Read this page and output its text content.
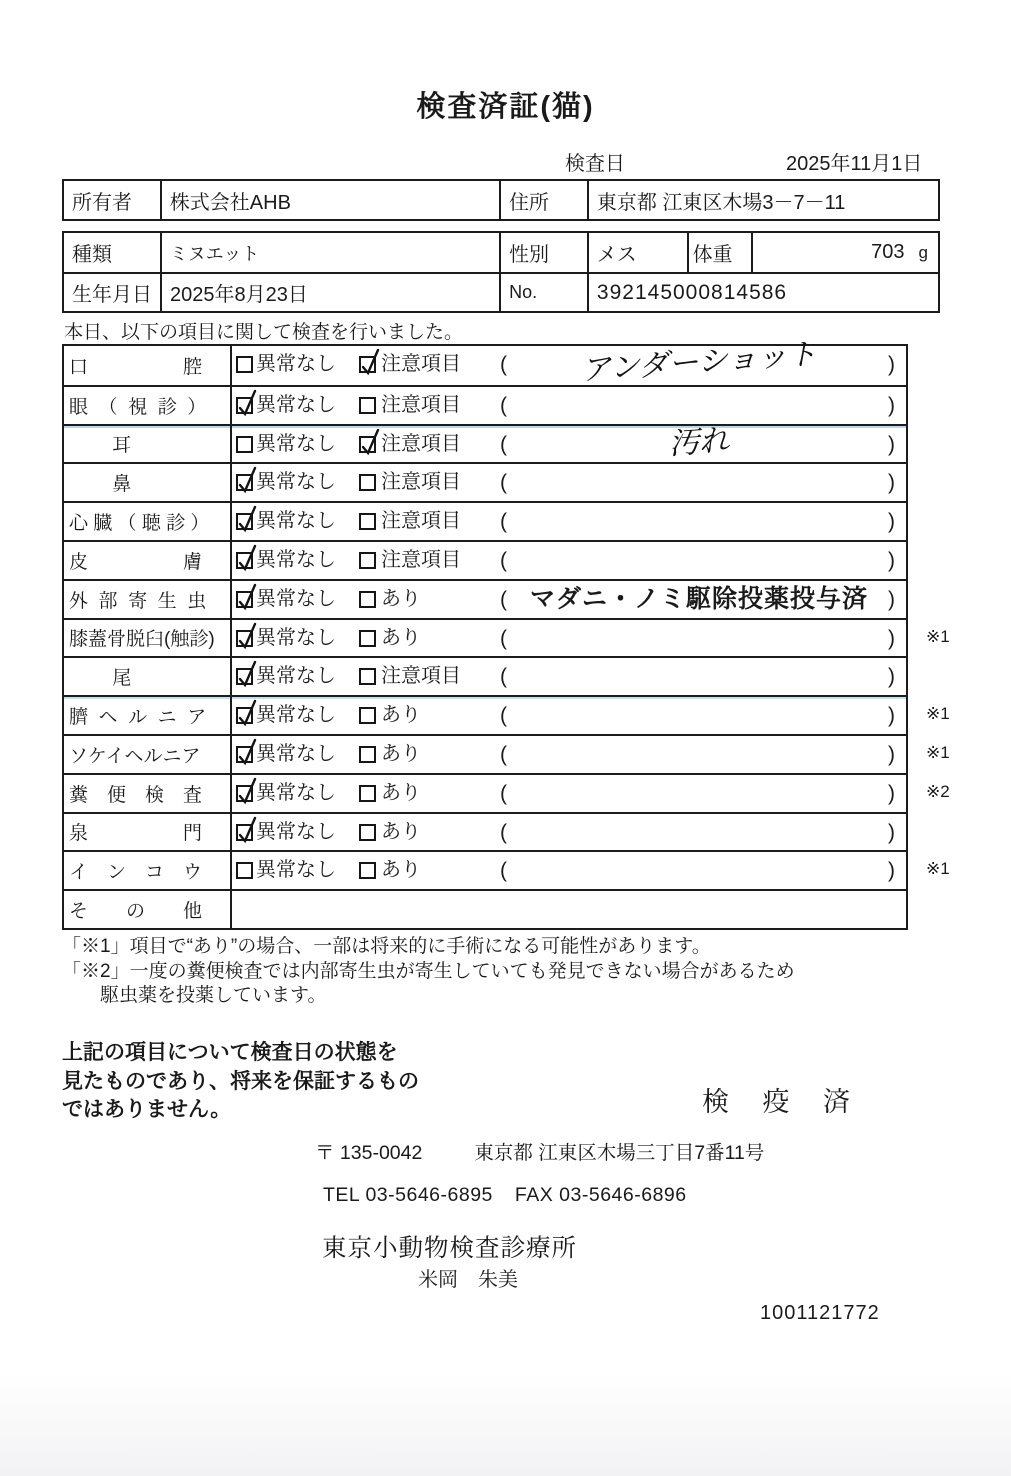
検査済証(猫)
検査日	2025年11月1日
所有者	株式会社AHB	住所	東京都 江東区木場3－7－11
種類	ミヌエット	性別	メス	体重	703 g
生年月日 2025年8月23日	No.	392145000814586
本日、以下の項目に関して検査を行いました。
口　　　　　腔	異常なし 注意項目 (	アンダーショット	)
眼  （  視  診  ）	異常なし 注意項目 (	)
　　 耳	異常なし 注意項目 (	汚れ	)
　　 鼻	異常なし 注意項目 (	)
心 臓 （ 聴 診 ）	異常なし 注意項目 (	)
皮　　　　　膚	異常なし 注意項目 (	)
外  部  寄  生  虫	異常なし あり	( マダニ・ノミ駆除投薬投与済 )
膝蓋骨脱臼(触診)	異常なし あり	(	) ※1
　　 尾	異常なし 注意項目 (	)
臍  ヘ  ル  ニ  ア	異常なし あり	(	) ※1
ソケイヘルニア	異常なし あり	(	) ※1
糞　便　検　査	異常なし あり	(	) ※2
泉　　　　　門	異常なし あり	(	)
イ　ン　コ　ウ	異常なし あり	(	) ※1
そ　　の　　他
「※1」項目で“あり”の場合、一部は将来的に手術になる可能性があります。
「※2」一度の糞便検査では内部寄生虫が寄生していても発見できない場合があるため
駆虫薬を投薬しています。
上記の項目について検査日の状態を
見たものであり、将来を保証するもの
ではありません。	検 疫 済
〒 135-0042	東京都 江東区木場三丁目7番11号
TEL 03-5646-6895 FAX 03-5646-6896
東京小動物検査診療所
米岡　朱美
1001121772
